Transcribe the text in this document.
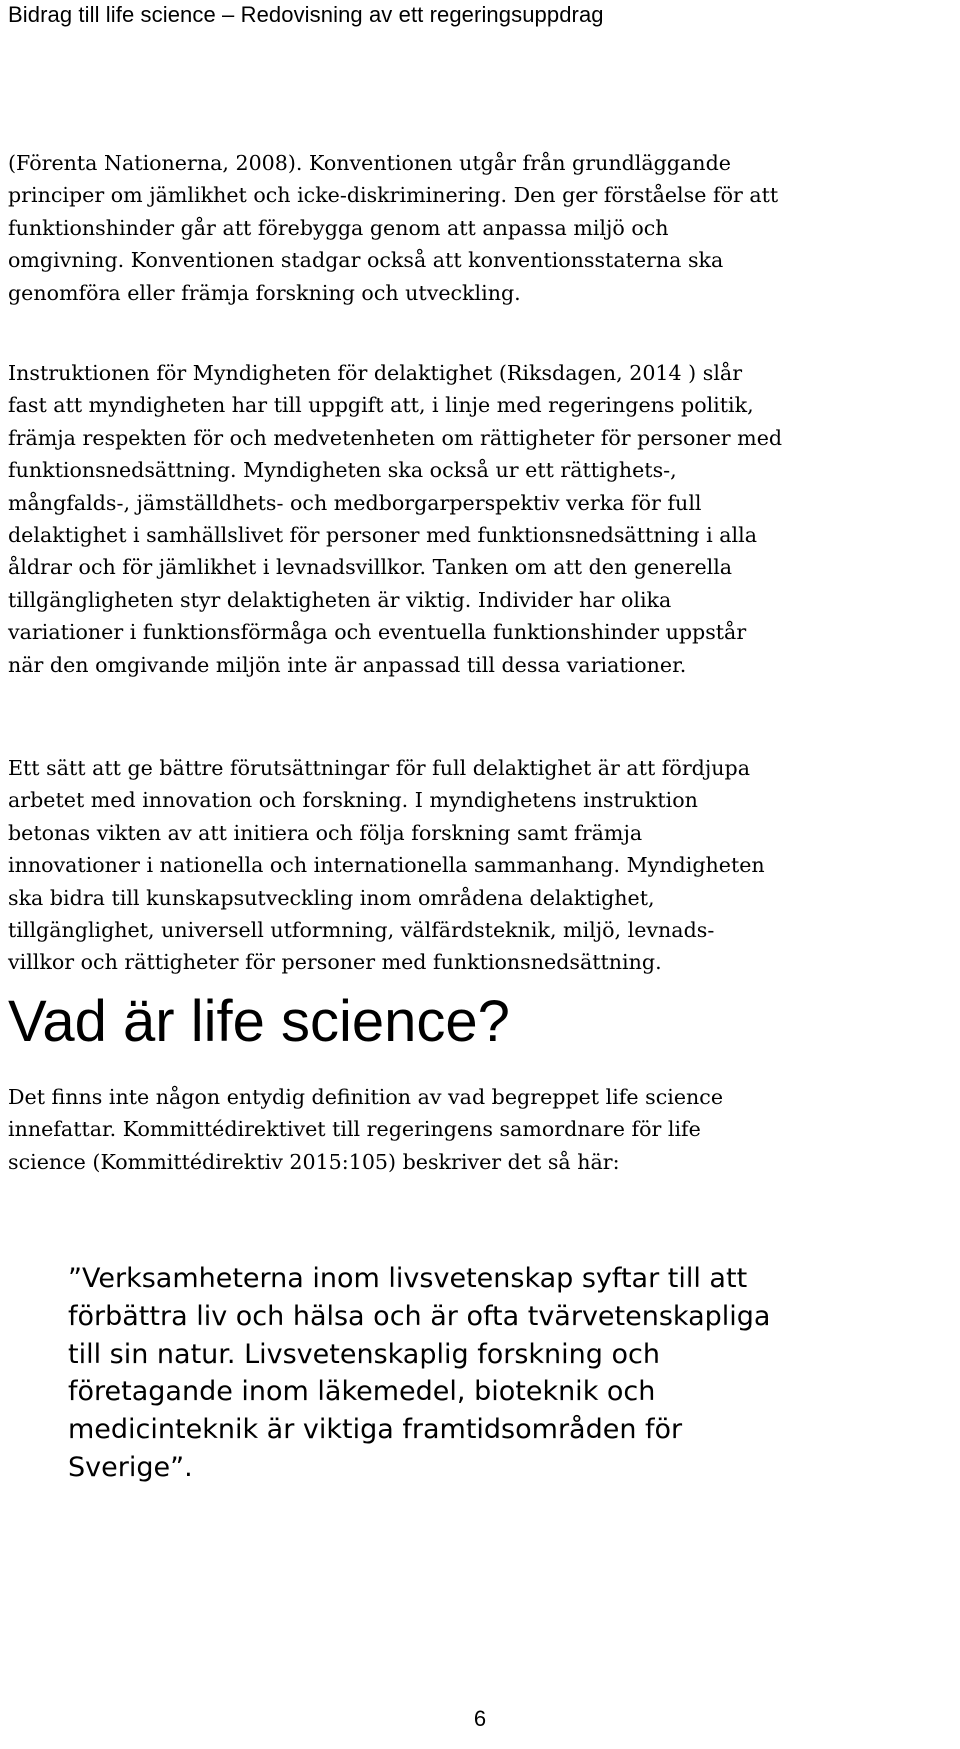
Bidrag till life science – Redovisning av ett regeringsuppdrag

(Förenta Nationerna, 2008). Konventionen utgår från grundläggande
principer om jämlikhet och icke-diskriminering. Den ger förståelse för att
funktionshinder går att förebygga genom att anpassa miljö och
omgivning. Konventionen stadgar också att konventionsstaterna ska
genomföra eller främja forskning och utveckling.

Instruktionen för Myndigheten för delaktighet (Riksdagen, 2014 ) slår
fast att myndigheten har till uppgift att, i linje med regeringens politik,
främja respekten för och medvetenheten om rättigheter för personer med
funktionsnedsättning. Myndigheten ska också ur ett rättighets-,
mångfalds-, jämställdhets- och medborgarperspektiv verka för full
delaktighet i samhällslivet för personer med funktionsnedsättning i alla
åldrar och för jämlikhet i levnadsvillkor. Tanken om att den generella
tillgängligheten styr delaktigheten är viktig. Individer har olika
variationer i funktionsförmåga och eventuella funktionshinder uppstår
när den omgivande miljön inte är anpassad till dessa variationer.

Ett sätt att ge bättre förutsättningar för full delaktighet är att fördjupa
arbetet med innovation och forskning. I myndighetens instruktion
betonas vikten av att initiera och följa forskning samt främja
innovationer i nationella och internationella sammanhang. Myndigheten
ska bidra till kunskapsutveckling inom områdena delaktighet,
tillgänglighet, universell utformning, välfärdsteknik, miljö, levnads-
villkor och rättigheter för personer med funktionsnedsättning.

Vad är life science?

Det finns inte någon entydig definition av vad begreppet life science
innefattar. Kommittédirektivet till regeringens samordnare för life
science (Kommittédirektiv 2015:105) beskriver det så här:

”Verksamheterna inom livsvetenskap syftar till att
förbättra liv och hälsa och är ofta tvärvetenskapliga
till sin natur. Livsvetenskaplig forskning och
företagande inom läkemedel, bioteknik och
medicinteknik är viktiga framtidsområden för
Sverige”.
6
